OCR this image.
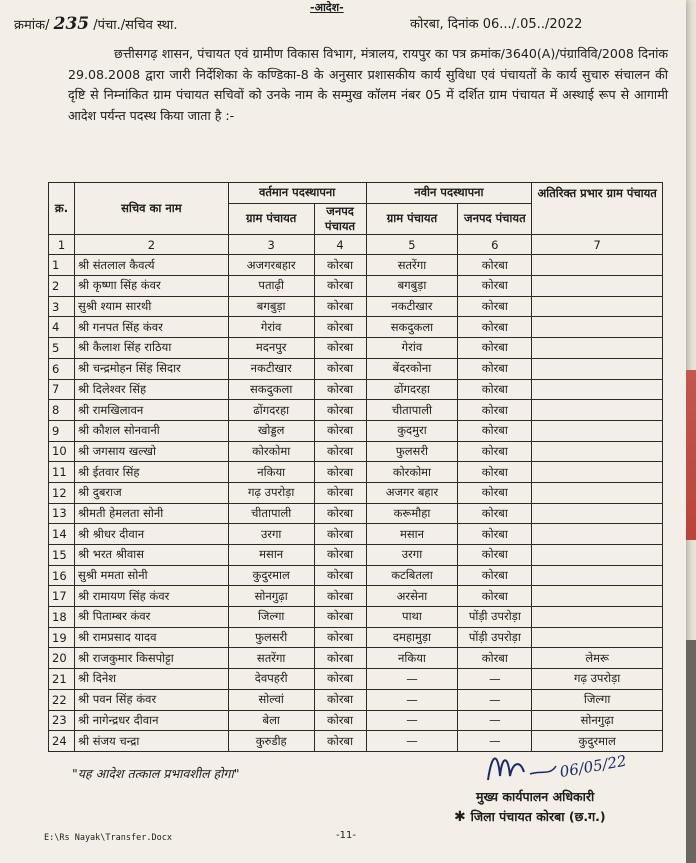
क्रमांक/ 235 /पंचा./सचिव स्था.
-आदेश-
कोरबा, दिनांक 06.../.05../2022
छत्तीसगढ़ शासन, पंचायत एवं ग्रामीण विकास विभाग, मंत्रालय, रायपुर का पत्र क्रमांक/3640(A)/पंग्राविवि/2008 दिनांक 29.08.2008 द्वारा जारी निर्देशिका के कण्डिका-8 के अनुसार प्रशासकीय कार्य सुविधा एवं पंचायतों के कार्य सुचारु संचालन की दृष्टि से निम्नांकित ग्राम पंचायत सचिवों को उनके नाम के सम्मुख कॉलम नंबर 05 में दर्शित ग्राम पंचायत में अस्थाई रूप से आगामी आदेश पर्यन्त पदस्थ किया जाता है :-
क्र.	सचिव का नाम	वर्तमान पदस्थापना		नवीन पदस्थापना		अतिरिक्त प्रभार ग्राम पंचायत
		ग्राम पंचायत	जनपद पंचायत	ग्राम पंचायत	जनपद पंचायत	
1	2	3	4	5	6	7
1	श्री संतलाल कैवर्त्य	अजगरबहार	कोरबा	सतरेंगा	कोरबा	
2	श्री कृष्णा सिंह कंवर	पताढ़ी	कोरबा	बगबुड़ा	कोरबा	
3	सुश्री श्याम सारथी	बगबुड़ा	कोरबा	नकटीखार	कोरबा	
4	श्री गनपत सिंह कंवर	गेरांव	कोरबा	सकदुकला	कोरबा	
5	श्री कैलाश सिंह राठिया	मदनपुर	कोरबा	गेरांव	कोरबा	
6	श्री चन्द्रमोहन सिंह सिदार	नकटीखार	कोरबा	बेंदरकोना	कोरबा	
7	श्री दिलेश्वर सिंह	सकदुकला	कोरबा	ढोंगदरहा	कोरबा	
8	श्री रामखिलावन	ढोंगदरहा	कोरबा	चीतापाली	कोरबा	
9	श्री कौशल सोनवानी	खोड्डल	कोरबा	कुदमुरा	कोरबा	
10	श्री जगसाय खल्खो	कोरकोमा	कोरबा	फुलसरी	कोरबा	
11	श्री ईतवार सिंह	नकिया	कोरबा	कोरकोमा	कोरबा	
12	श्री दुबराज	गढ़ उपरोड़ा	कोरबा	अजगर बहार	कोरबा	
13	श्रीमती हेमलता सोनी	चीतापाली	कोरबा	करूमौहा	कोरबा	
14	श्री श्रीधर दीवान	उरगा	कोरबा	मसान	कोरबा	
15	श्री भरत श्रीवास	मसान	कोरबा	उरगा	कोरबा	
16	सुश्री ममता सोनी	कुदुरमाल	कोरबा	कटबितला	कोरबा	
17	श्री रामायण सिंह कंवर	सोनगुढ़ा	कोरबा	अरसेना	कोरबा	
18	श्री पिताम्बर कंवर	जिल्गा	कोरबा	पाथा	पोंड़ी उपरोड़ा	
19	श्री रामप्रसाद यादव	फुलसरी	कोरबा	दमहामुड़ा	पोंड़ी उपरोड़ा	
20	श्री राजकुमार किसपोट्टा	सतरेंगा	कोरबा	नकिया	कोरबा	लेमरू
21	श्री दिनेश	देवपहरी	कोरबा	—	—	गढ़ उपरोड़ा
22	श्री पवन सिंह कंवर	सोल्वां	कोरबा	—	—	जिल्गा
23	श्री नागेन्द्रधर दीवान	बेला	कोरबा	—	—	सोनगुढ़ा
24	श्री संजय चन्द्रा	कुरुडीह	कोरबा	—	—	कुदुरमाल
"यह आदेश तत्काल प्रभावशील होगा"	06/05/22
मुख्य कार्यपालन अधिकारी
✱ जिला पंचायत कोरबा (छ.ग.)
E:\Rs Nayak\Transfer.Docx	-11-
